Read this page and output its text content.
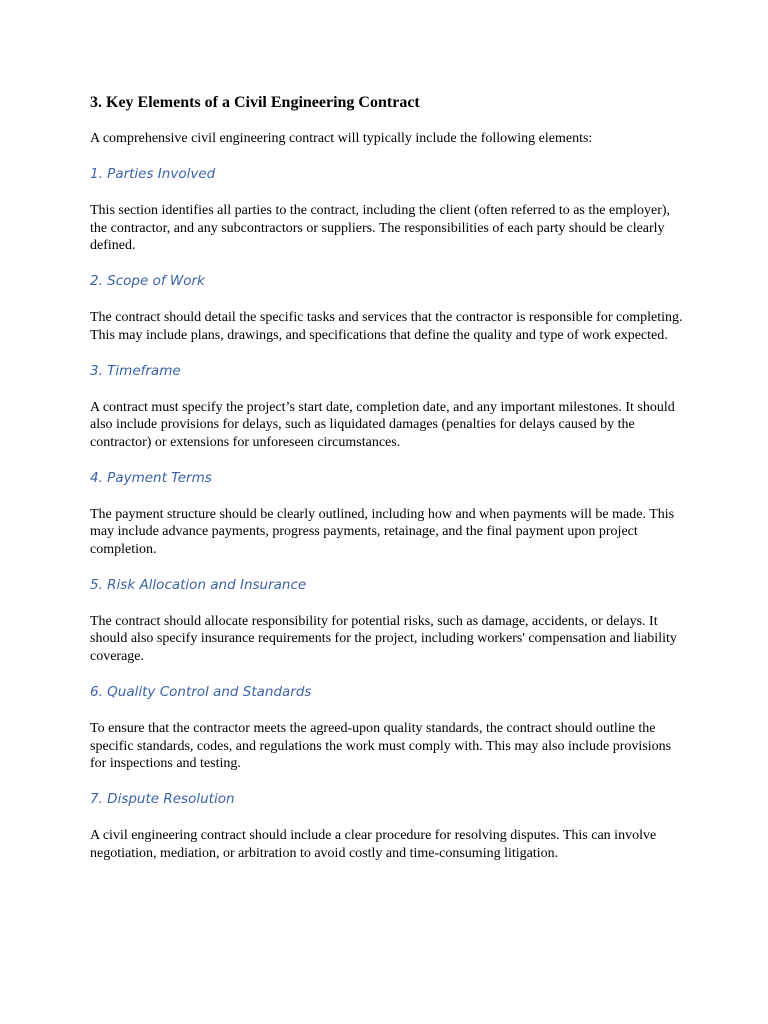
3. Key Elements of a Civil Engineering Contract

A comprehensive civil engineering contract will typically include the following elements:

1. Parties Involved

This section identifies all parties to the contract, including the client (often referred to as the employer), the contractor, and any subcontractors or suppliers. The responsibilities of each party should be clearly defined.

2. Scope of Work

The contract should detail the specific tasks and services that the contractor is responsible for completing. This may include plans, drawings, and specifications that define the quality and type of work expected.

3. Timeframe

A contract must specify the project’s start date, completion date, and any important milestones. It should also include provisions for delays, such as liquidated damages (penalties for delays caused by the contractor) or extensions for unforeseen circumstances.

4. Payment Terms

The payment structure should be clearly outlined, including how and when payments will be made. This may include advance payments, progress payments, retainage, and the final payment upon project completion.

5. Risk Allocation and Insurance

The contract should allocate responsibility for potential risks, such as damage, accidents, or delays. It should also specify insurance requirements for the project, including workers' compensation and liability coverage.

6. Quality Control and Standards

To ensure that the contractor meets the agreed-upon quality standards, the contract should outline the specific standards, codes, and regulations the work must comply with. This may also include provisions for inspections and testing.

7. Dispute Resolution

A civil engineering contract should include a clear procedure for resolving disputes. This can involve negotiation, mediation, or arbitration to avoid costly and time-consuming litigation.
